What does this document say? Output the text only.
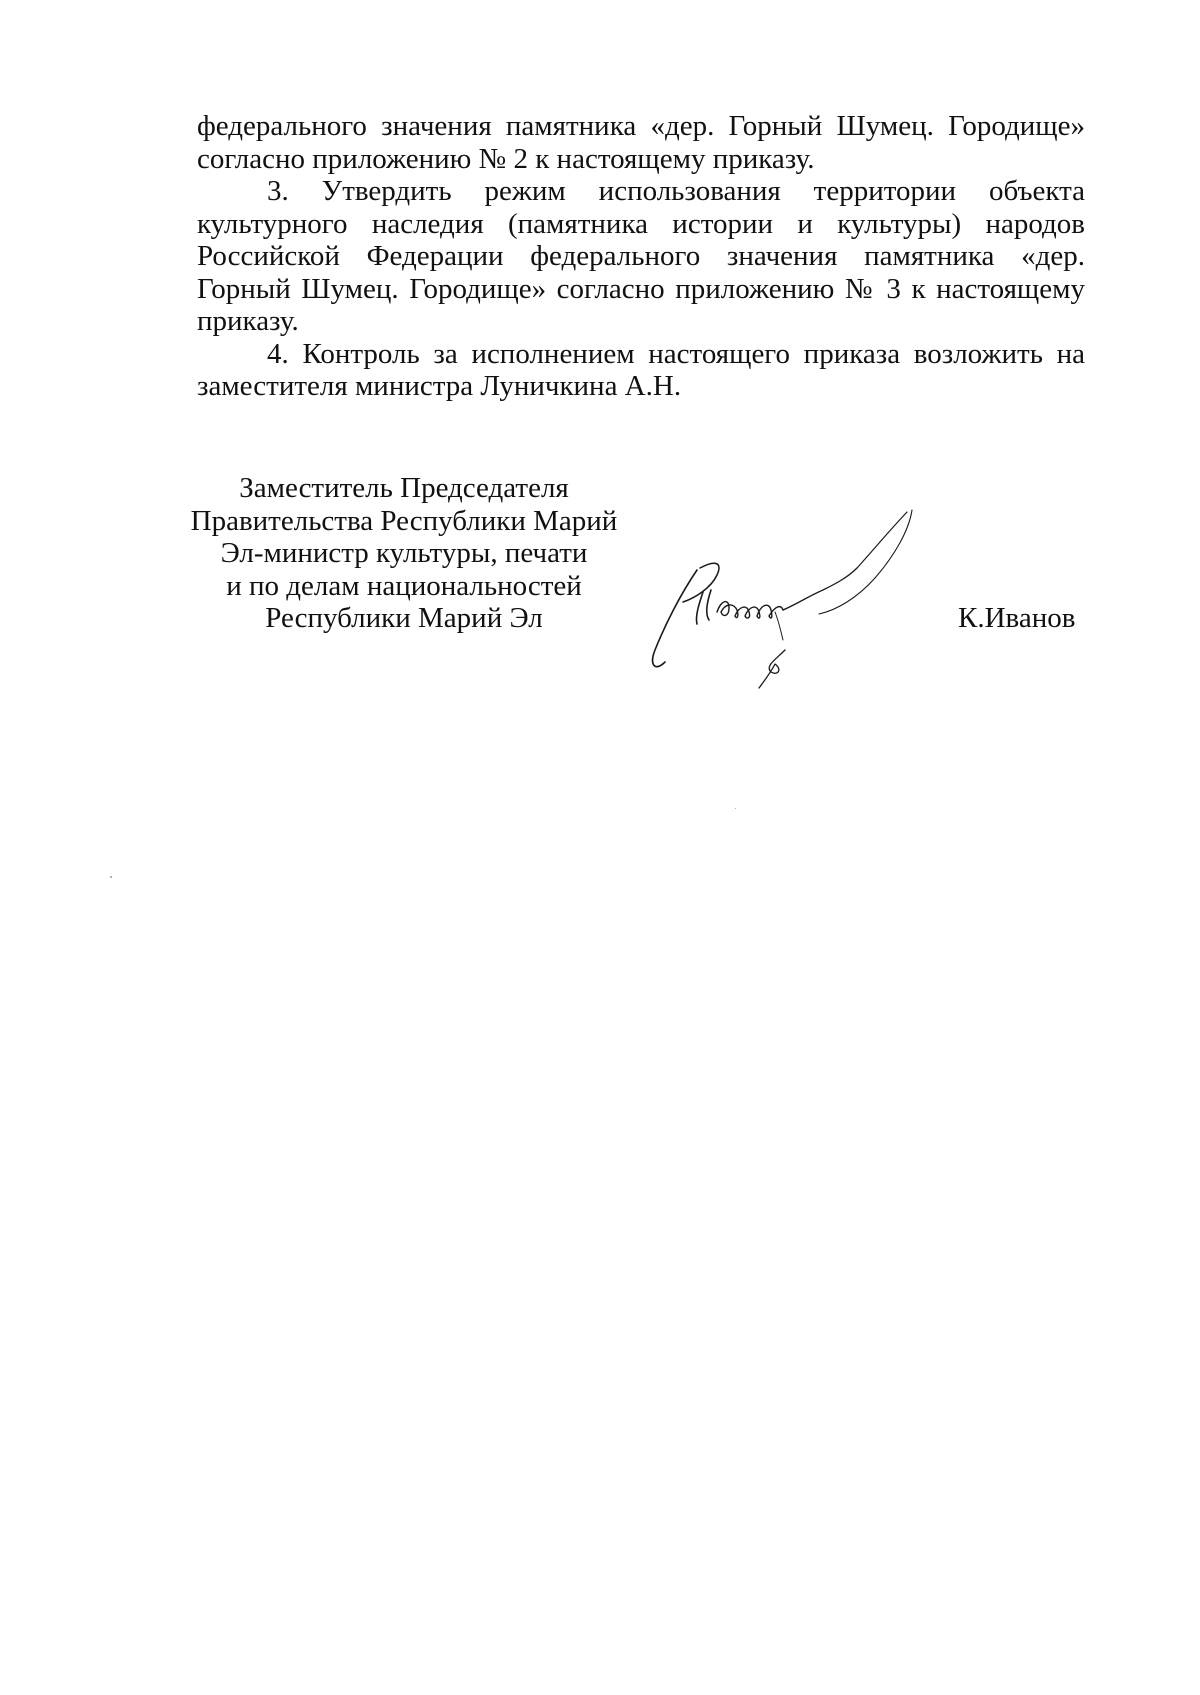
федерального значения памятника «дер. Горный Шумец. Городище» согласно приложению № 2 к настоящему приказу.

3. Утвердить режим использования территории объекта культурного наследия (памятника истории и культуры) народов Российской Федерации федерального значения памятника «дер. Горный Шумец. Городище» согласно приложению № 3 к настоящему приказу.

4. Контроль за исполнением настоящего приказа возложить на заместителя министра Луничкина А.Н.

Заместитель Председателя
Правительства Республики Марий
Эл-министр культуры, печати
и по делам национальностей
Республики Марий Эл	К.Иванов
